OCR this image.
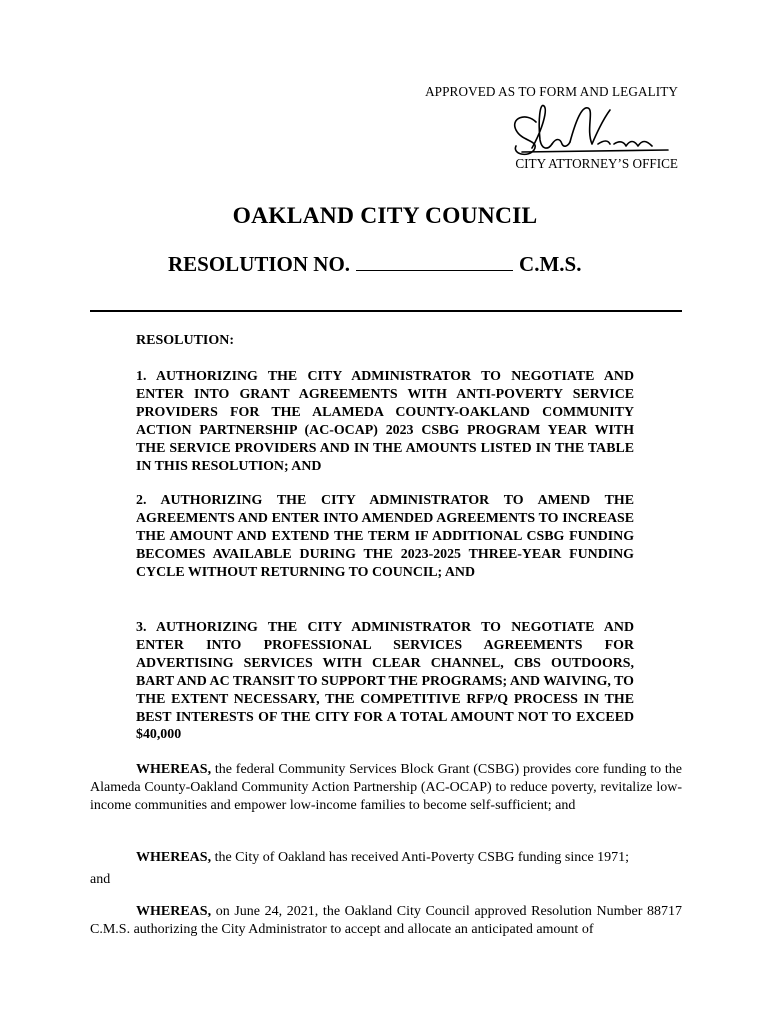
APPROVED AS TO FORM AND LEGALITY
CITY ATTORNEY’S OFFICE
OAKLAND CITY COUNCIL
RESOLUTION NO.	C.M.S.
RESOLUTION:
1. AUTHORIZING THE CITY ADMINISTRATOR TO NEGOTIATE AND ENTER INTO GRANT AGREEMENTS WITH ANTI-POVERTY SERVICE PROVIDERS FOR THE ALAMEDA COUNTY-OAKLAND COMMUNITY ACTION PARTNERSHIP (AC-OCAP) 2023 CSBG PROGRAM YEAR WITH THE SERVICE PROVIDERS AND IN THE AMOUNTS LISTED IN THE TABLE IN THIS RESOLUTION; AND
2. AUTHORIZING THE CITY ADMINISTRATOR TO AMEND THE AGREEMENTS AND ENTER INTO AMENDED AGREEMENTS TO INCREASE THE AMOUNT AND EXTEND THE TERM IF ADDITIONAL CSBG FUNDING BECOMES AVAILABLE DURING THE 2023-2025 THREE-YEAR FUNDING CYCLE WITHOUT RETURNING TO COUNCIL; AND
3. AUTHORIZING THE CITY ADMINISTRATOR TO NEGOTIATE AND ENTER INTO PROFESSIONAL SERVICES AGREEMENTS FOR ADVERTISING SERVICES WITH CLEAR CHANNEL, CBS OUTDOORS, BART AND AC TRANSIT TO SUPPORT THE PROGRAMS; AND WAIVING, TO THE EXTENT NECESSARY, THE COMPETITIVE RFP/Q PROCESS IN THE BEST INTERESTS OF THE CITY FOR A TOTAL AMOUNT NOT TO EXCEED $40,000
WHEREAS, the federal Community Services Block Grant (CSBG) provides core funding to the Alameda County-Oakland Community Action Partnership (AC-OCAP) to reduce poverty, revitalize low-income communities and empower low-income families to become self-sufficient; and
WHEREAS, the City of Oakland has received Anti-Poverty CSBG funding since 1971;
and
WHEREAS, on June 24, 2021, the Oakland City Council approved Resolution Number 88717 C.M.S. authorizing the City Administrator to accept and allocate an anticipated amount of
